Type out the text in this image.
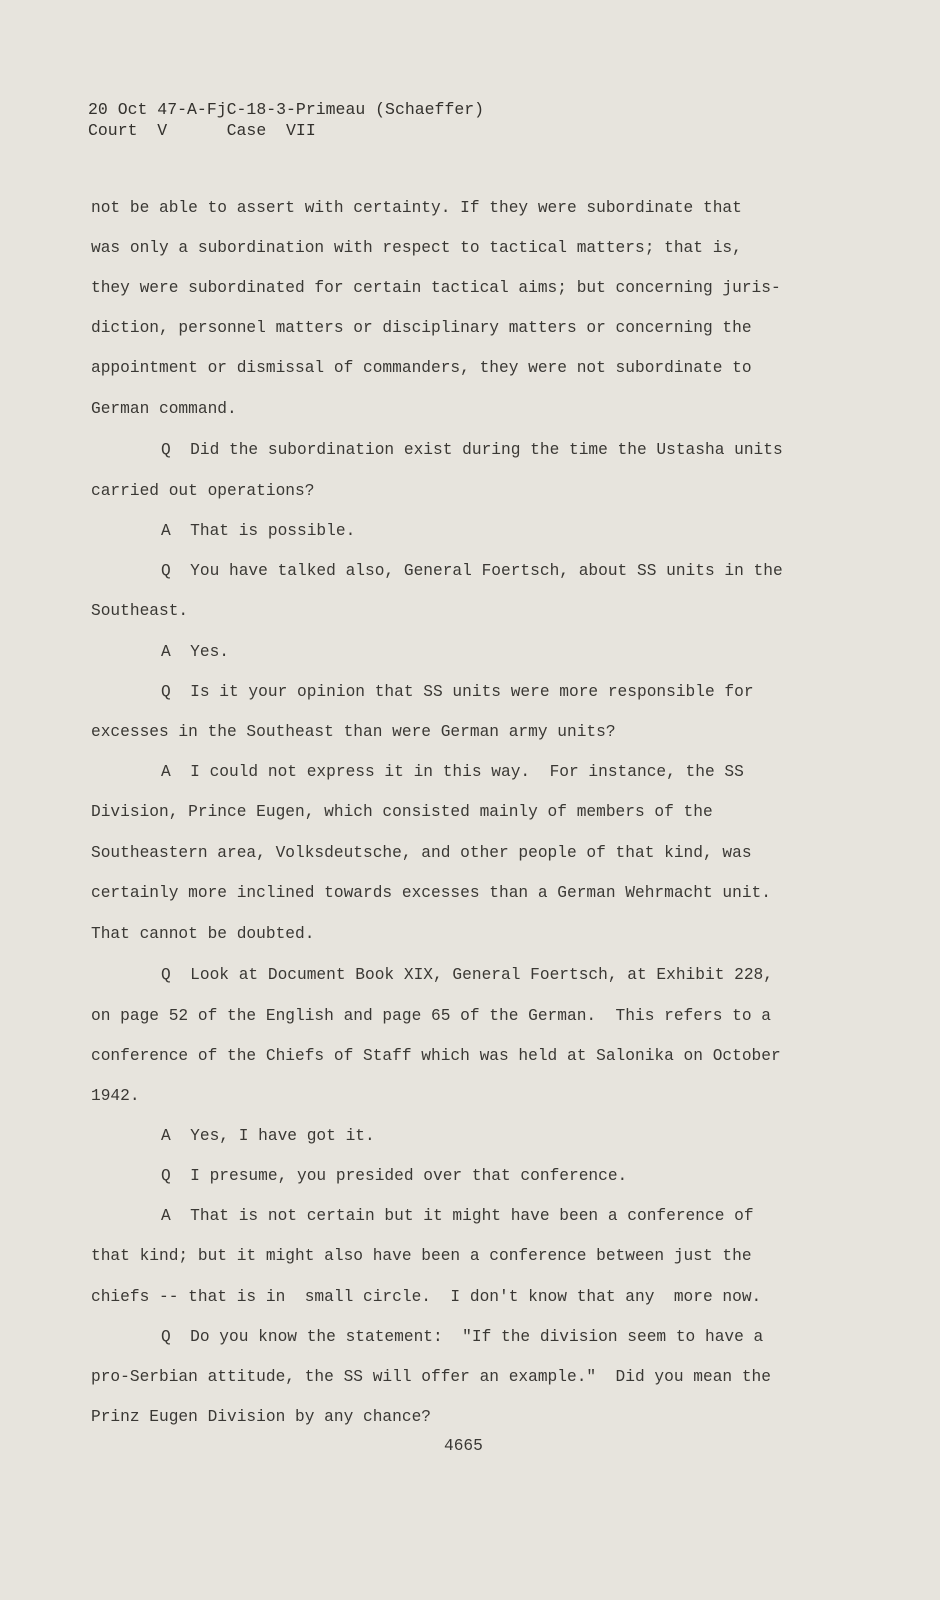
20 Oct 47-A-FjC-18-3-Primeau (Schaeffer)
Court  V      Case  VII
not be able to assert with certainty. If they were subordinate that
was only a subordination with respect to tactical matters; that is,
they were subordinated for certain tactical aims; but concerning juris-
diction, personnel matters or disciplinary matters or concerning the
appointment or dismissal of commanders, they were not subordinate to
German command.
Q  Did the subordination exist during the time the Ustasha units
carried out operations?
A  That is possible.
Q  You have talked also, General Foertsch, about SS units in the
Southeast.
A  Yes.
Q  Is it your opinion that SS units were more responsible for
excesses in the Southeast than were German army units?
A  I could not express it in this way.  For instance, the SS
Division, Prince Eugen, which consisted mainly of members of the
Southeastern area, Volksdeutsche, and other people of that kind, was
certainly more inclined towards excesses than a German Wehrmacht unit.
That cannot be doubted.
Q  Look at Document Book XIX, General Foertsch, at Exhibit 228,
on page 52 of the English and page 65 of the German.  This refers to a
conference of the Chiefs of Staff which was held at Salonika on October
1942.
A  Yes, I have got it.
Q  I presume, you presided over that conference.
A  That is not certain but it might have been a conference of
that kind; but it might also have been a conference between just the
chiefs -- that is in  small circle.  I don't know that any  more now.
Q  Do you know the statement:  "If the division seem to have a
pro-Serbian attitude, the SS will offer an example."  Did you mean the
Prinz Eugen Division by any chance?
4665
